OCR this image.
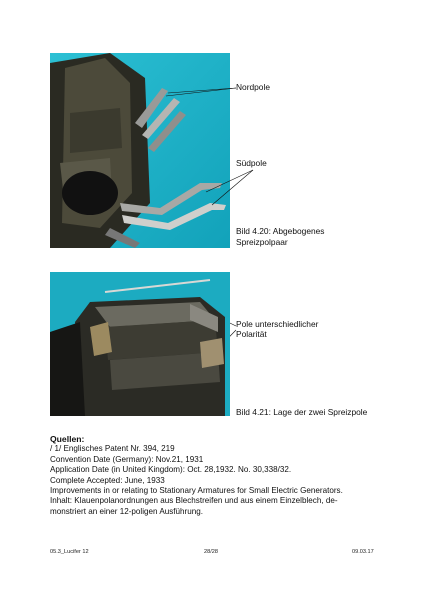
Nordpole
Südpole
Bild 4.20: Abgebogenes
Spreizpolpaar
Pole unterschiedlicher
Polarität
Bild 4.21: Lage der zwei Spreizpole
Quellen:
/ 1/ Englisches Patent Nr. 394, 219
Convention Date (Germany): Nov.21, 1931
Application Date (in United Kingdom): Oct. 28,1932. No. 30,338/32.
Complete Accepted: June, 1933
Improvements in or relating to Stationary Armatures for Small Electric Generators.
Inhalt: Klauenpolanordnungen aus Blechstreifen und aus einem Einzelblech, de-
monstriert an einer 12-poligen Ausführung.
05.3_Lucifer 12	28/28	09.03.17
